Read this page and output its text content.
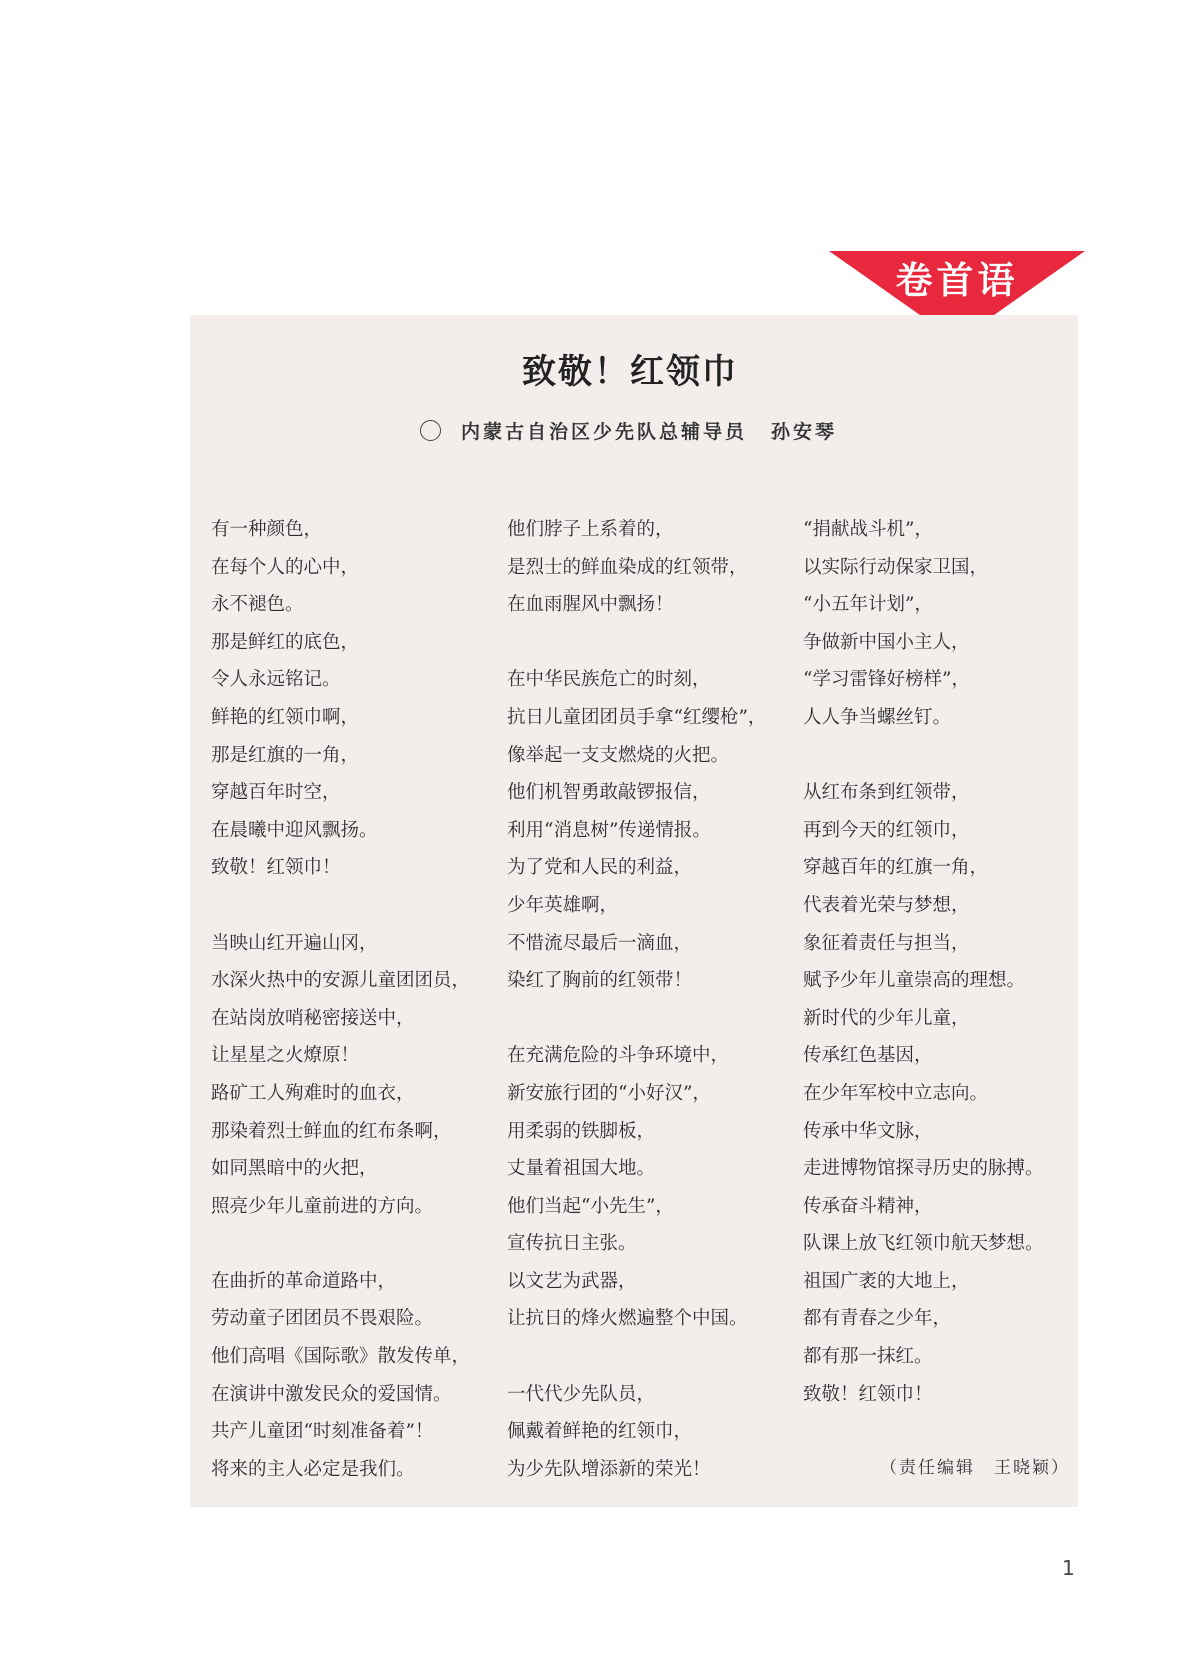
卷首语
致敬！红领巾
内蒙古自治区少先队总辅导员 孙安琴
有一种颜色，
在每个人的心中，
永不褪色。
那是鲜红的底色，
令人永远铭记。
鲜艳的红领巾啊，
那是红旗的一角，
穿越百年时空，
在晨曦中迎风飘扬。
致敬！红领巾！
当映山红开遍山冈，
水深火热中的安源儿童团团员，
在站岗放哨秘密接送中，
让星星之火燎原！
路矿工人殉难时的血衣，
那染着烈士鲜血的红布条啊，
如同黑暗中的火把，
照亮少年儿童前进的方向。
在曲折的革命道路中，
劳动童子团团员不畏艰险。
他们高唱《国际歌》散发传单，
在演讲中激发民众的爱国情。
共产儿童团“时刻准备着”！
将来的主人必定是我们。
他们脖子上系着的，
是烈士的鲜血染成的红领带，
在血雨腥风中飘扬！
在中华民族危亡的时刻，
抗日儿童团团员手拿“红缨枪”，
像举起一支支燃烧的火把。
他们机智勇敢敲锣报信，
利用“消息树”传递情报。
为了党和人民的利益，
少年英雄啊，
不惜流尽最后一滴血，
染红了胸前的红领带！
在充满危险的斗争环境中，
新安旅行团的“小好汉”，
用柔弱的铁脚板，
丈量着祖国大地。
他们当起“小先生”，
宣传抗日主张。
以文艺为武器，
让抗日的烽火燃遍整个中国。
一代代少先队员，
佩戴着鲜艳的红领巾，
为少先队增添新的荣光！
“捐献战斗机”，
以实际行动保家卫国，
“小五年计划”，
争做新中国小主人，
“学习雷锋好榜样”，
人人争当螺丝钉。
从红布条到红领带，
再到今天的红领巾，
穿越百年的红旗一角，
代表着光荣与梦想，
象征着责任与担当，
赋予少年儿童崇高的理想。
新时代的少年儿童，
传承红色基因，
在少年军校中立志向。
传承中华文脉，
走进博物馆探寻历史的脉搏。
传承奋斗精神，
队课上放飞红领巾航天梦想。
祖国广袤的大地上，
都有青春之少年，
都有那一抹红。
致敬！红领巾！
（责任编辑　王晓颖）
1
